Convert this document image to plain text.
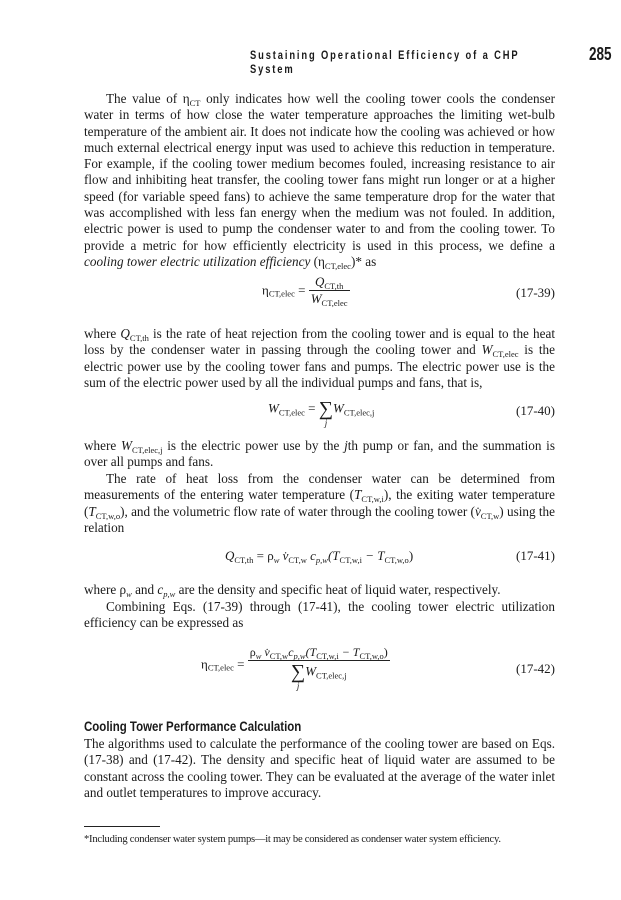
Sustaining Operational Efficiency of a CHP System
285

The value of $\eta_{CT}$ only indicates how well the cooling tower cools the condenser water in terms of how close the water temperature approaches the limiting wet-bulb temperature of the ambient air. It does not indicate how the cooling was achieved or how much external electrical energy input was used to achieve this reduction in temperature. For example, if the cooling tower medium becomes fouled, increasing resistance to air flow and inhibiting heat transfer, the cooling tower fans might run longer or at a higher speed (for variable speed fans) to achieve the same temperature drop for the water that was accomplished with less fan energy when the medium was not fouled. In addition, electric power is used to pump the condenser water to and from the cooling tower. To provide a metric for how efficiently electricity is used in this process, we define a cooling tower electric utilization efficiency $(\eta_{CT,elec})*$ as

$\eta_{CT,elec} = \frac{Q_{CT,th}}{W_{CT,elec}}$	(17-39)

where $Q_{CT,th}$ is the rate of heat rejection from the cooling tower and is equal to the heat loss by the condenser water in passing through the cooling tower and $W_{CT,elec}$ is the electric power use by the cooling tower fans and pumps. The electric power use is the sum of the electric power used by all the individual pumps and fans, that is,

$W_{CT,elec}$ = ∑
j
$W_{CT,elec,j}$	(17-40)

where $W_{CT,elec,j}$ is the electric power use by the jth pump or fan, and the summation is over all pumps and fans.

The rate of heat loss from the condenser water can be determined from measurements of the entering water temperature $(T_{CT,w,i})$, the exiting water temperature $(T_{CT,w,o})$, and the volumetric flow rate of water through the cooling tower $(v̇_{CT,w})$ using the relation

$Q_{CT,th} = \rho_w$ $v̇_{CT,w}$ $c_{p,w}(T_{CT,w,i} - T_{CT,w,o})$	(17-41)

where $\rho_w$ and $c_{p,w}$ are the density and specific heat of liquid water, respectively.

Combining Eqs. (17-39) through (17-41), the cooling tower electric utilization efficiency can be expressed as

$\eta_{CT,elec} = \rho_w$ $v̇_{CT,w}c_{p,w}(T_{CT,w,i} - T_{CT,w,o})$
∑
j
$W_{CT,elec,j}$	(17-42)
Cooling Tower Performance Calculation

The algorithms used to calculate the performance of the cooling tower are based on Eqs. (17-38) and (17-42). The density and specific heat of liquid water are assumed to be constant across the cooling tower. They can be evaluated at the average of the water inlet and outlet temperatures to improve accuracy.

*Including condenser water system pumps—it may be considered as condenser water system efficiency.
